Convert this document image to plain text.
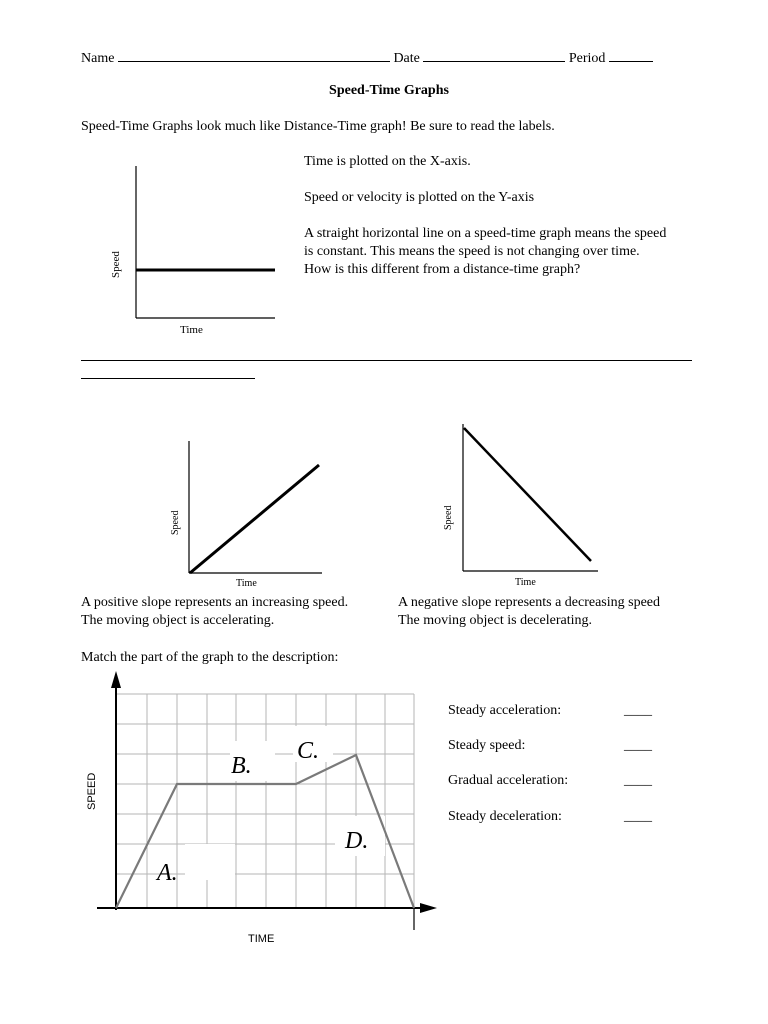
Name	Date	Period
Speed-Time Graphs
Speed-Time Graphs look much like Distance-Time graph! Be sure to read the labels.
Speed
Time
Time is plotted on the X-axis.
Speed or velocity is plotted on the Y-axis
A straight horizontal line on a speed-time graph means the speed
is constant. This means the speed is not changing over time.
How is this different from a distance-time graph?
Speed
Time
Speed
Time
A positive slope represents an increasing speed.
The moving object is accelerating.
A negative slope represents a decreasing speed
The moving object is decelerating.
Match the part of the graph to the description:
A.
B.
C.
D.
SPEED
TIME
Steady acceleration:	____
Steady speed:	____
Gradual acceleration:	____
Steady deceleration:	____
